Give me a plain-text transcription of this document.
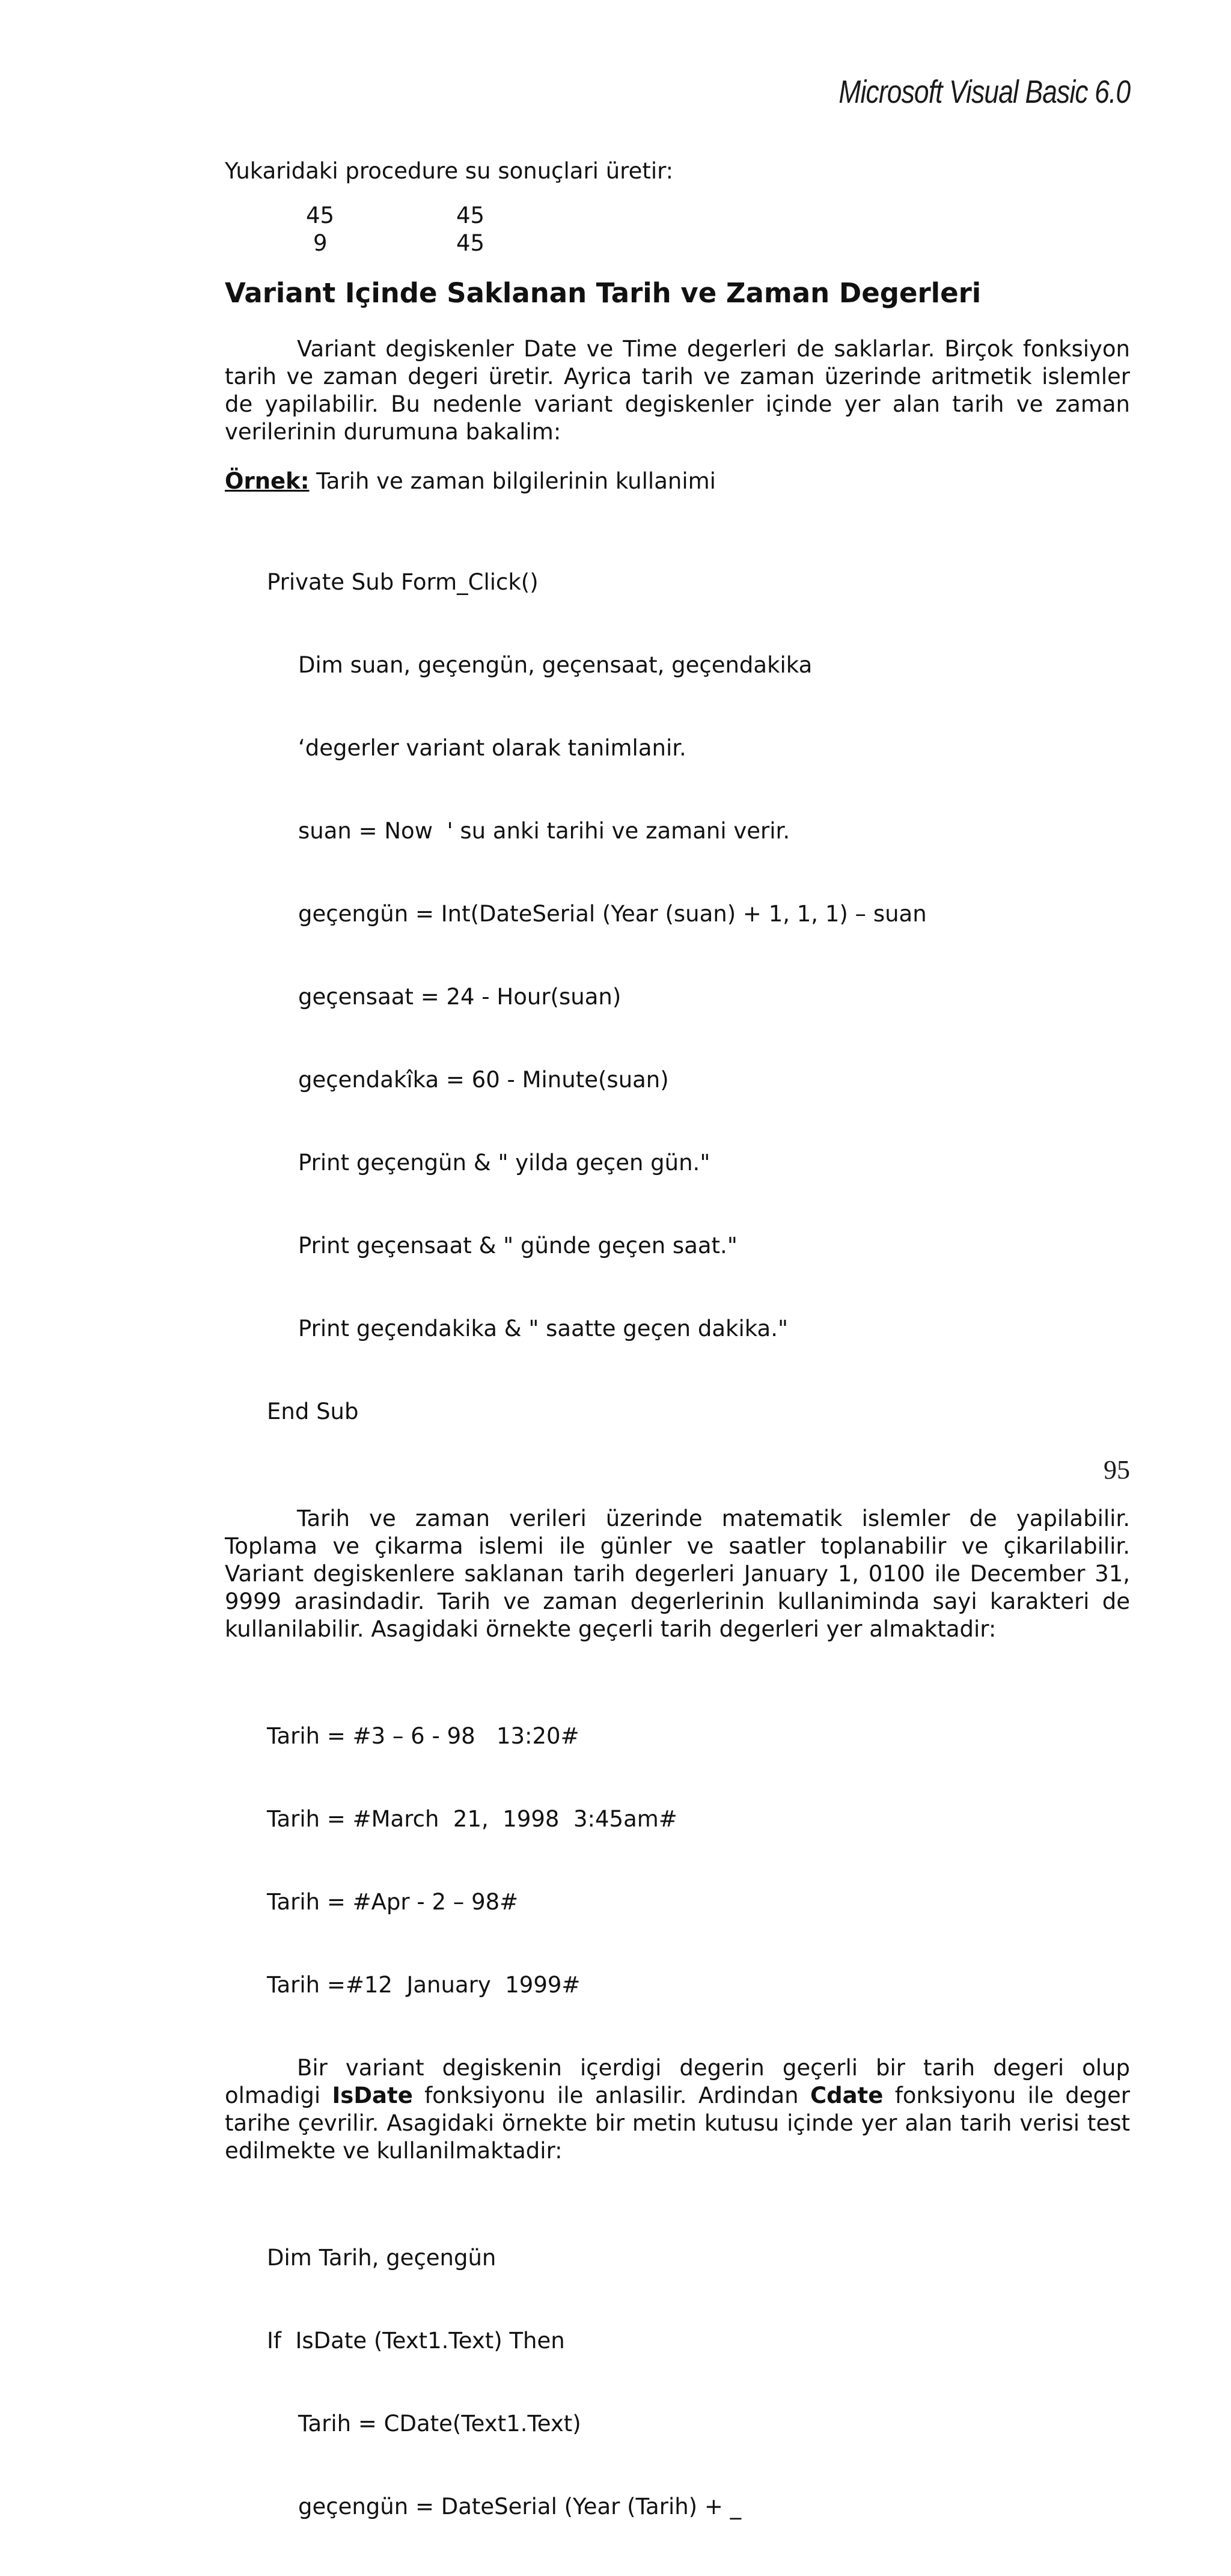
Microsoft Visual Basic 6.0
Yukaridaki procedure su sonuçlari üretir:
45	45
9	45
Variant Içinde Saklanan Tarih ve Zaman Degerleri
Variant degiskenler Date ve Time degerleri de saklarlar. Birçok fonksiyon tarih ve zaman degeri üretir. Ayrica tarih ve zaman üzerinde aritmetik islemler de yapilabilir. Bu nedenle variant degiskenler içinde yer alan tarih ve zaman verilerinin durumuna bakalim:
Örnek: Tarih ve zaman bilgilerinin kullanimi

Private Sub Form_Click()

Dim suan, geçengün, geçensaat, geçendakika

‘degerler variant olarak tanimlanir.

suan = Now  ' su anki tarihi ve zamani verir.

geçengün = Int(DateSerial (Year (suan) + 1, 1, 1) – suan

geçensaat = 24 - Hour(suan)

geçendakîka = 60 - Minute(suan)

Print geçengün & " yilda geçen gün."

Print geçensaat & " günde geçen saat."

Print geçendakika & " saatte geçen dakika."

End Sub

Tarih ve zaman verileri üzerinde matematik islemler de yapilabilir. Toplama ve çikarma islemi ile günler ve saatler toplanabilir ve çikarilabilir. Variant degiskenlere saklanan tarih degerleri January 1, 0100 ile December 31, 9999 arasindadir. Tarih ve zaman degerlerinin kullaniminda sayi karakteri de kullanilabilir. Asagidaki örnekte geçerli tarih degerleri yer almaktadir:

Tarih = #3 – 6 - 98   13:20#

Tarih = #March  21,  1998  3:45am#

Tarih = #Apr - 2 – 98#

Tarih =#12  January  1999#

Bir variant degiskenin içerdigi degerin geçerli bir tarih degeri olup olmadigi IsDate fonksiyonu ile anlasilir. Ardindan Cdate fonksiyonu ile deger tarihe çevrilir. Asagidaki örnekte bir metin kutusu içinde yer alan tarih verisi test edilmekte ve kullanilmaktadir:

Dim Tarih, geçengün

If  IsDate (Text1.Text) Then

Tarih = CDate(Text1.Text)

geçengün = DateSerial (Year (Tarih) + _

95
